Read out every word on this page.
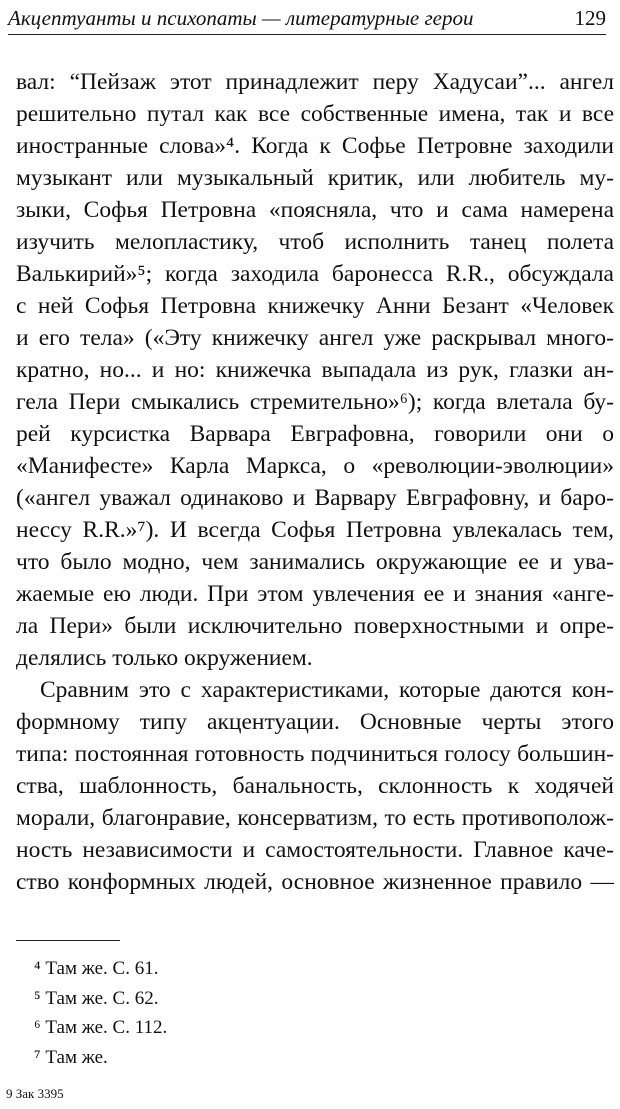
Акцептуанты и психопаты — литературные герои	129
вал: “Пейзаж этот принадлежит перу Хадусаи”... ангел
решительно путал как все собственные имена, так и все
иностранные слова»⁴. Когда к Софье Петровне заходили
музыкант или музыкальный критик, или любитель му-
зыки, Софья Петровна «поясняла, что и сама намерена
изучить мелопластику, чтоб исполнить танец полета
Валькирий»⁵; когда заходила баронесса R.R., обсуждала
с ней Софья Петровна книжечку Анни Безант «Человек
и его тела» («Эту книжечку ангел уже раскрывал много-
кратно, но... и но: книжечка выпадала из рук, глазки ан-
гела Пери смыкались стремительно»⁶); когда влетала бу-
рей курсистка Варвара Евграфовна, говорили они о
«Манифесте» Карла Маркса, о «революции-эволюции»
(«ангел уважал одинаково и Варвару Евграфовну, и баро-
нессу R.R.»⁷). И всегда Софья Петровна увлекалась тем,
что было модно, чем занимались окружающие ее и ува-
жаемые ею люди. При этом увлечения ее и знания «анге-
ла Пери» были исключительно поверхностными и опре-
делялись только окружением.
Сравним это с характеристиками, которые даются кон-
формному типу акцентуации. Основные черты этого
типа: постоянная готовность подчиниться голосу большин-
ства, шаблонность, банальность, склонность к ходячей
морали, благонравие, консерватизм, то есть противополож-
ность независимости и самостоятельности. Главное каче-
ство конформных людей, основное жизненное правило —
⁴ Там же. С. 61.
⁵ Там же. С. 62.
⁶ Там же. С. 112.
⁷ Там же.
9 Зак 3395
